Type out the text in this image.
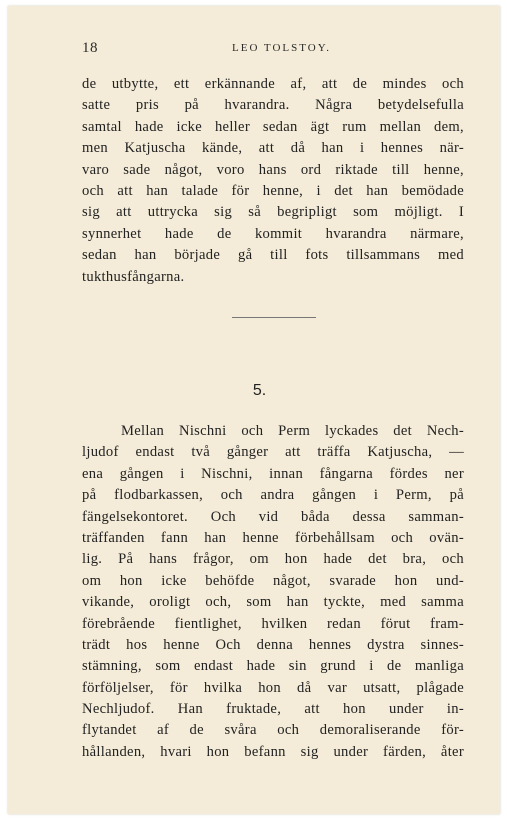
18	LEO TOLSTOY.
de utbytte, ett erkännande af, att de mindes och
satte pris på hvarandra. Några betydelsefulla
samtal hade icke heller sedan ägt rum mellan dem,
men Katjuscha kände, att då han i hennes när-
varo sade något, voro hans ord riktade till henne,
och att han talade för henne, i det han bemödade
sig att uttrycka sig så begripligt som möjligt. I
synnerhet hade de kommit hvarandra närmare,
sedan han började gå till fots tillsammans med
tukthusfångarna.
5.
Mellan Nischni och Perm lyckades det Nech-
ljudof endast två gånger att träffa Katjuscha, —
ena gången i Nischni, innan fångarna fördes ner
på flodbarkassen, och andra gången i Perm, på
fängelsekontoret. Och vid båda dessa samman-
träffanden fann han henne förbehållsam och ovän-
lig. På hans frågor, om hon hade det bra, och
om hon icke behöfde något, svarade hon und-
vikande, oroligt och, som han tyckte, med samma
förebrående fientlighet, hvilken redan förut fram-
trädt hos henne Och denna hennes dystra sinnes-
stämning, som endast hade sin grund i de manliga
förföljelser, för hvilka hon då var utsatt, plågade
Nechljudof. Han fruktade, att hon under in-
flytandet af de svåra och demoraliserande för-
hållanden, hvari hon befann sig under färden, åter
